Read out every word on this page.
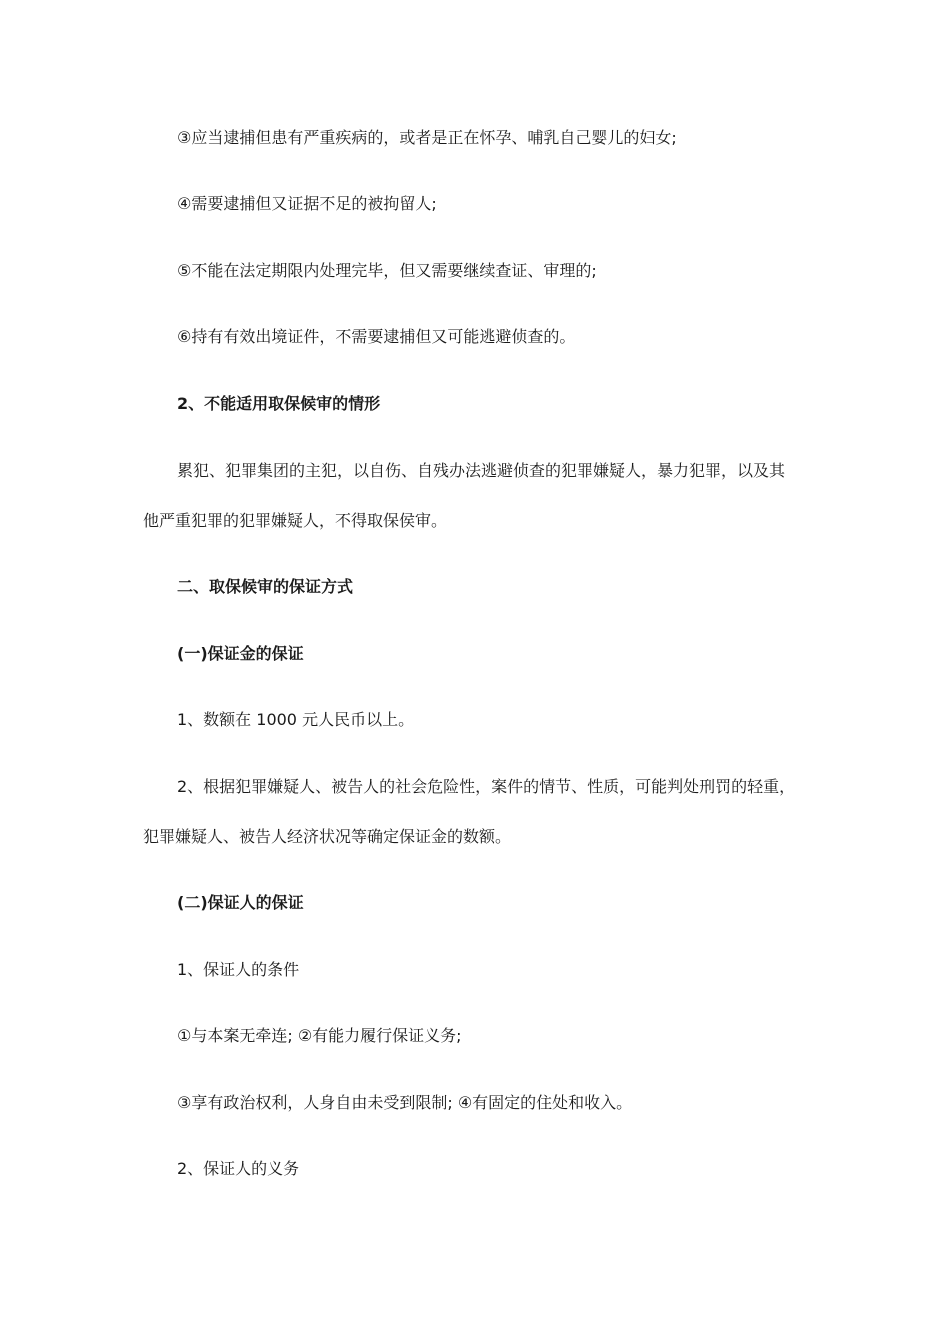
③应当逮捕但患有严重疾病的，或者是正在怀孕、哺乳自己婴儿的妇女;
④需要逮捕但又证据不足的被拘留人;
⑤不能在法定期限内处理完毕，但又需要继续查证、审理的;
⑥持有有效出境证件，不需要逮捕但又可能逃避侦查的。
2、不能适用取保候审的情形
累犯、犯罪集团的主犯，以自伤、自残办法逃避侦查的犯罪嫌疑人，暴力犯罪，以及其
他严重犯罪的犯罪嫌疑人，不得取保侯审。
二、取保候审的保证方式
(一)保证金的保证
1、数额在 1000 元人民币以上。
2、根据犯罪嫌疑人、被告人的社会危险性，案件的情节、性质，可能判处刑罚的轻重，
犯罪嫌疑人、被告人经济状况等确定保证金的数额。
(二)保证人的保证
1、保证人的条件
①与本案无牵连; ②有能力履行保证义务;
③享有政治权利，人身自由未受到限制; ④有固定的住处和收入。
2、保证人的义务
